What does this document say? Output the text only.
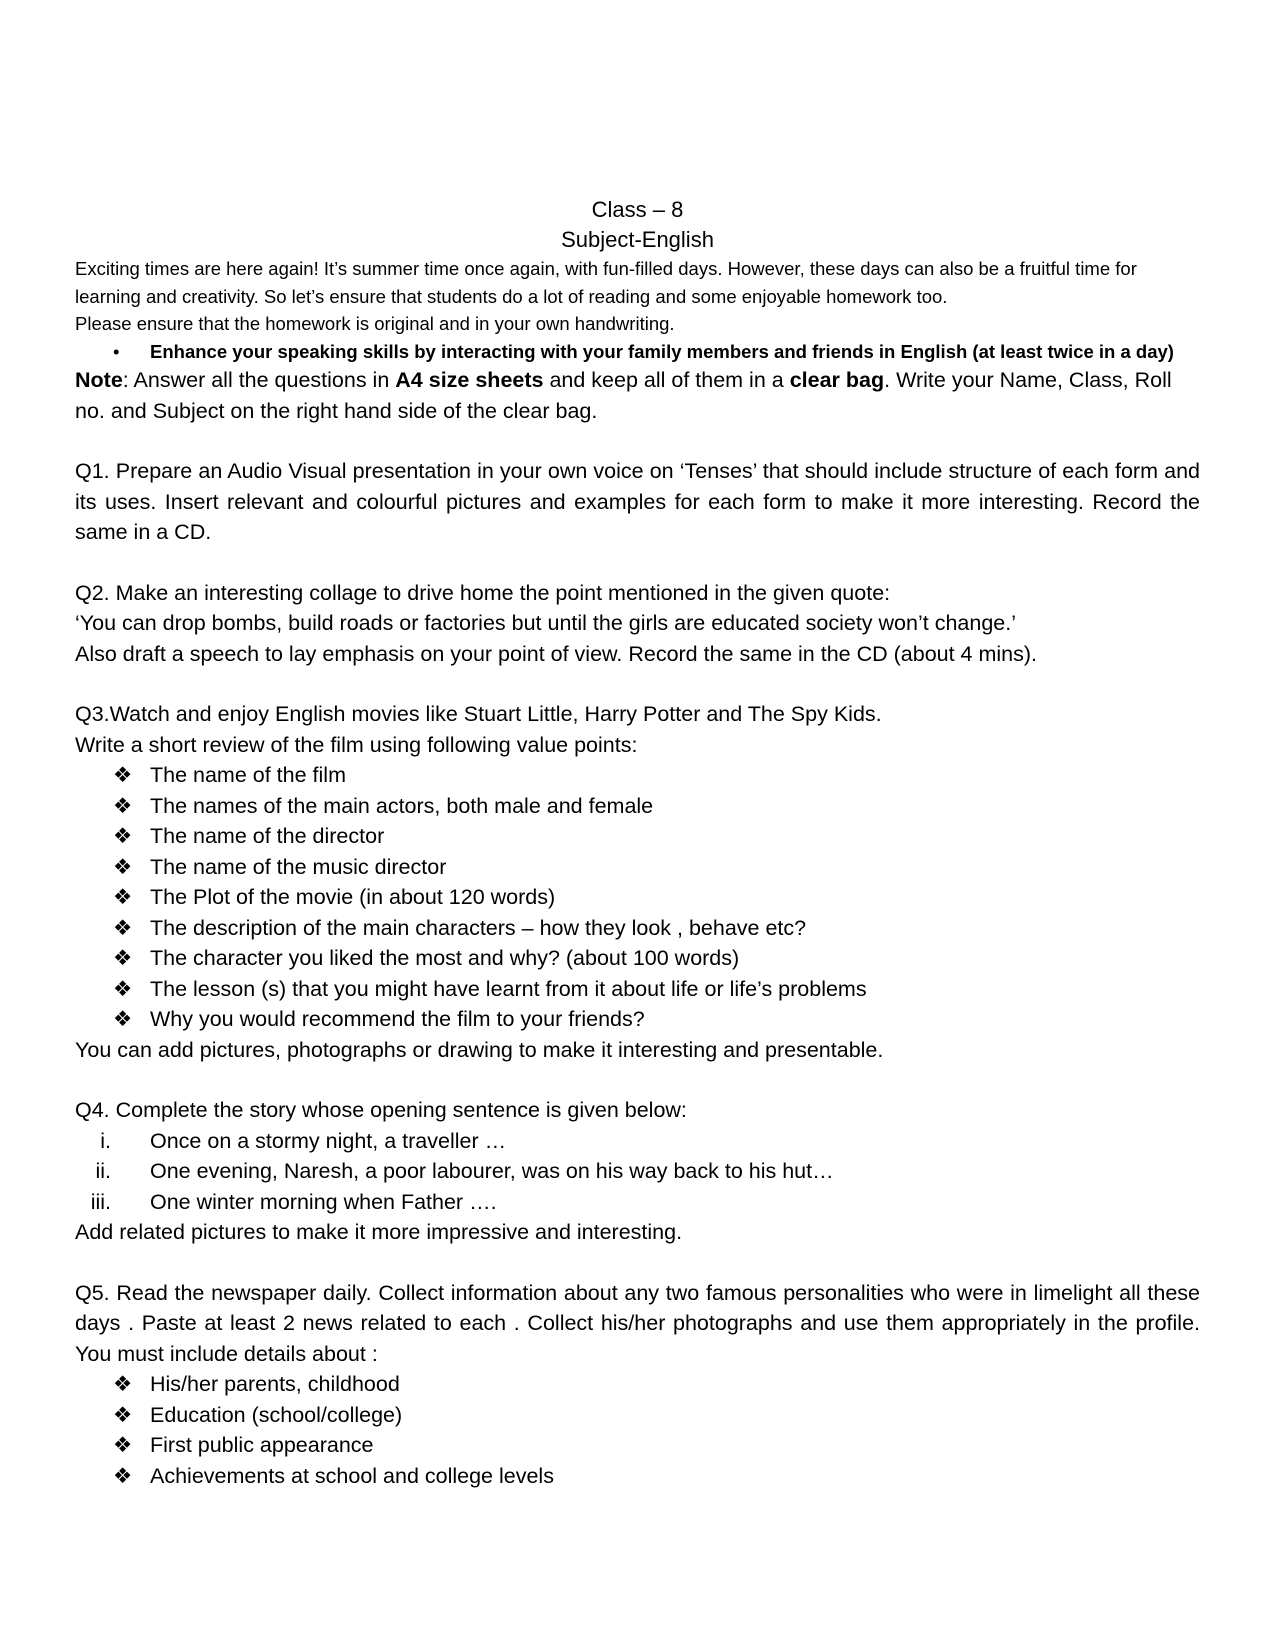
Class – 8
Subject-English
Exciting times are here again! It’s summer time once again, with fun-filled days. However, these days can also be a fruitful time for learning and creativity. So let’s ensure that students do a lot of reading and some enjoyable homework too.
Please ensure that the homework is original and in your own handwriting.
• Enhance your speaking skills by interacting with your family members and friends in English (at least twice in a day)
Note: Answer all the questions in A4 size sheets and keep all of them in a clear bag. Write your Name, Class, Roll no. and Subject on the right hand side of the clear bag.
Q1. Prepare an Audio Visual presentation in your own voice on ‘Tenses’ that should include structure of each form and its uses. Insert relevant and colourful pictures and examples for each form to make it more interesting. Record the same in a CD.
Q2. Make an interesting collage to drive home the point mentioned in the given quote:
‘You can drop bombs, build roads or factories but until the girls are educated society won’t change.’
Also draft a speech to lay emphasis on your point of view. Record the same in the CD (about 4 mins).
Q3.Watch and enjoy English movies like Stuart Little, Harry Potter and The Spy Kids.
Write a short review of the film using following value points:
❖ The name of the film
❖ The names of the main actors, both male and female
❖ The name of the director
❖ The name of the music director
❖ The Plot of the movie (in about 120 words)
❖ The description of the main characters – how they look , behave etc?
❖ The character you liked the most and why? (about 100 words)
❖ The lesson (s) that you might have learnt from it about life or life’s problems
❖ Why you would recommend the film to your friends?
You can add pictures, photographs or drawing to make it interesting and presentable.
Q4. Complete the story whose opening sentence is given below:
i. Once on a stormy night, a traveller …
ii. One evening, Naresh, a poor labourer, was on his way back to his hut…
iii. One winter morning when Father ….
Add related pictures to make it more impressive and interesting.
Q5. Read the newspaper daily. Collect information about any two famous personalities who were in limelight all these days . Paste at least 2 news related to each . Collect his/her photographs and use them appropriately in the profile. You must include details about :
❖ His/her parents, childhood
❖ Education (school/college)
❖ First public appearance
❖ Achievements at school and college levels
